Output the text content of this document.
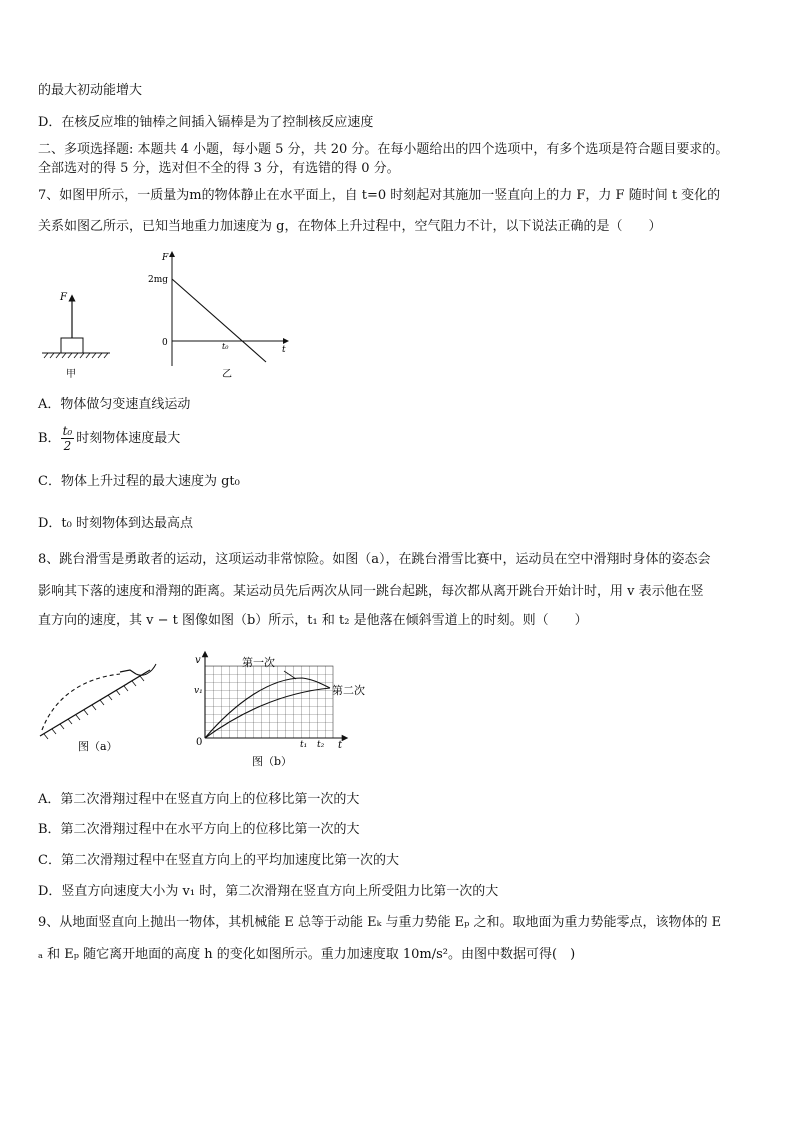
的最大初动能增大
D．在核反应堆的铀棒之间插入镉棒是为了控制核反应速度
二、多项选择题: 本题共 4 小题，每小题 5 分，共 20 分。在每小题给出的四个选项中，有多个选项是符合题目要求的。
全部选对的得 5 分，选对但不全的得 3 分，有选错的得 0 分。
7、如图甲所示，一质量为m的物体静止在水平面上，自 t=0 时刻起对其施加一竖直向上的力 F，力 F 随时间 t 变化的
关系如图乙所示，已知当地重力加速度为 g，在物体上升过程中，空气阻力不计，以下说法正确的是（　　）
F
甲
F
t
2mg
0	t₀
乙
A．物体做匀变速直线运动
B． $\frac{\text{t₀}}{2}$ 时刻物体速度最大
C．物体上升过程的最大速度为 gt₀
D．t₀ 时刻物体到达最高点
8、跳台滑雪是勇敢者的运动，这项运动非常惊险。如图（a），在跳台滑雪比赛中，运动员在空中滑翔时身体的姿态会
影响其下落的速度和滑翔的距离。某运动员先后两次从同一跳台起跳，每次都从离开跳台开始计时，用 v 表示他在竖
直方向的速度，其 v − t 图像如图（b）所示，t₁ 和 t₂ 是他落在倾斜雪道上的时刻。则（　　）
图（a）
v
t
v₁
0
第一次
第二次
t₁ t₂
图（b）
A．第二次滑翔过程中在竖直方向上的位移比第一次的大
B．第二次滑翔过程中在水平方向上的位移比第一次的大
C．第二次滑翔过程中在竖直方向上的平均加速度比第一次的大
D．竖直方向速度大小为 v₁ 时，第二次滑翔在竖直方向上所受阻力比第一次的大
9、从地面竖直向上抛出一物体，其机械能 E 总等于动能 Eₖ 与重力势能 Eₚ 之和。取地面为重力势能零点，该物体的 E
ₐ 和 Eₚ 随它离开地面的高度 h 的变化如图所示。重力加速度取 10m/s²。由图中数据可得(　)
